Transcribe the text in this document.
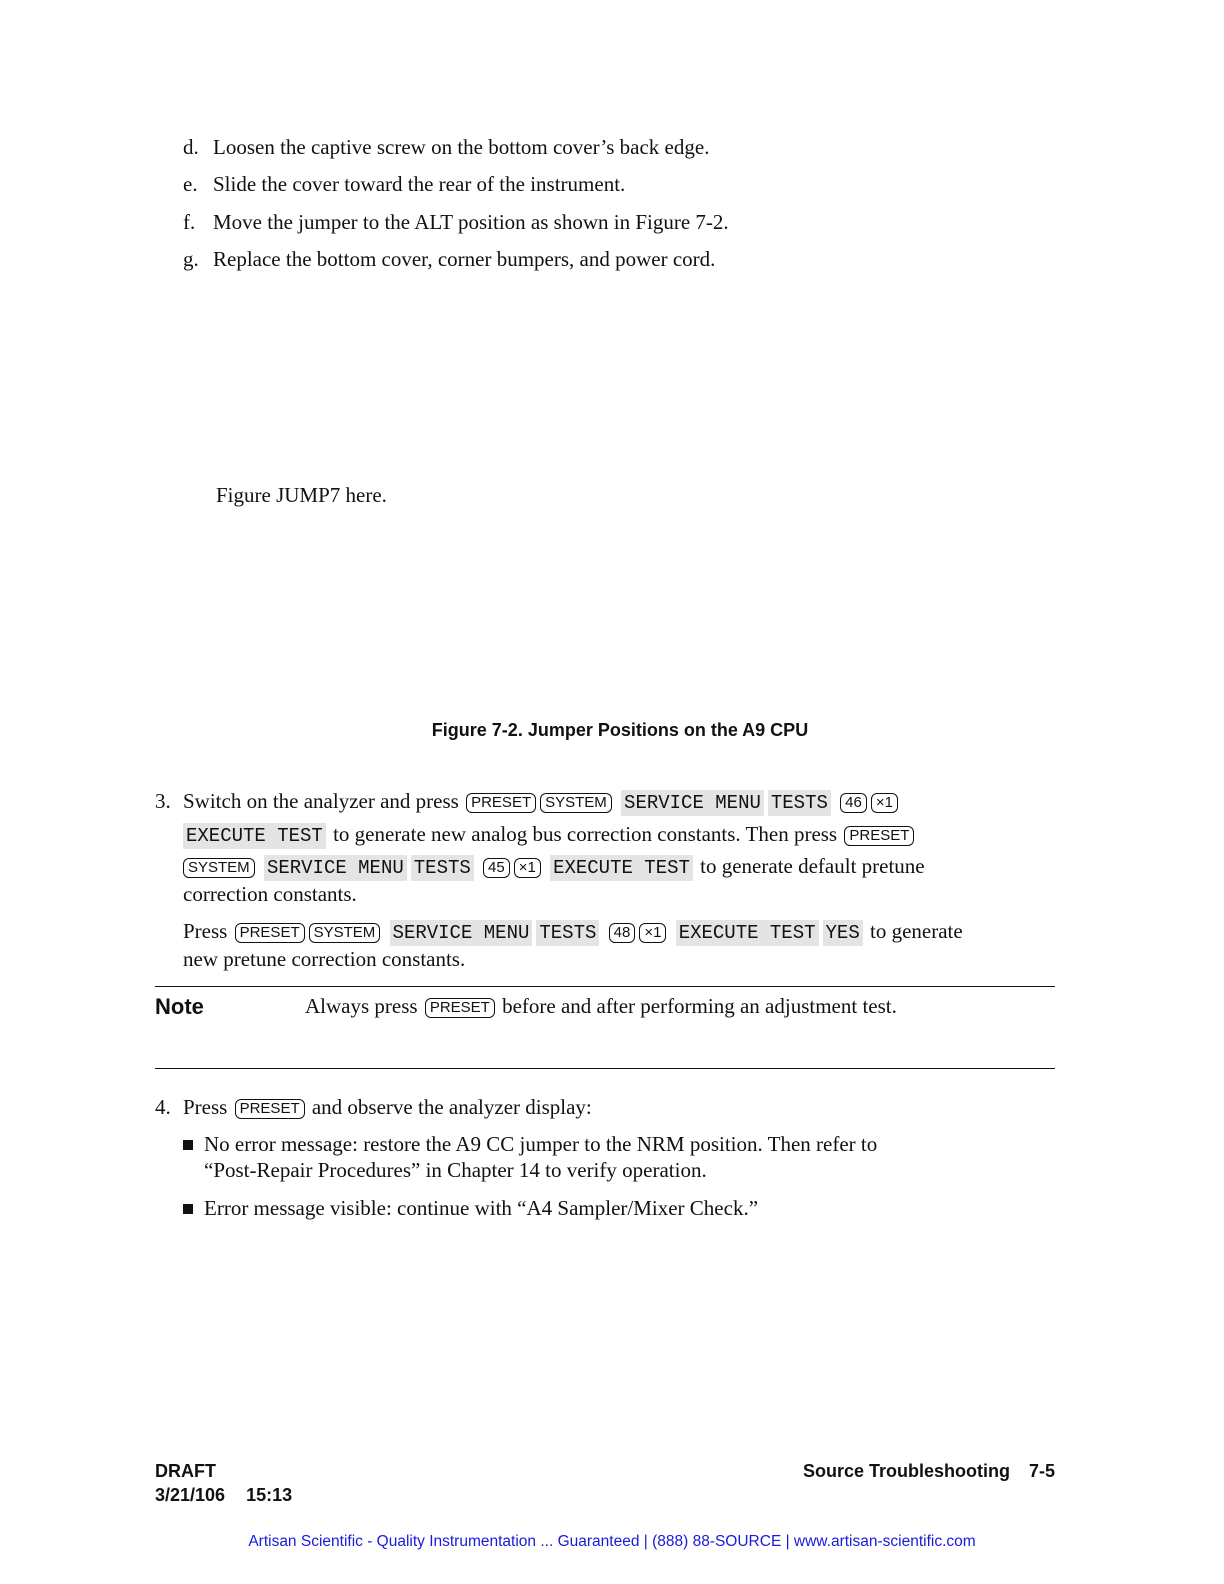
d. Loosen the captive screw on the bottom cover’s back edge.
e. Slide the cover toward the rear of the instrument.
f. Move the jumper to the ALT position as shown in Figure 7-2.
g. Replace the bottom cover, corner bumpers, and power cord.
Figure JUMP7 here.
Figure 7-2. Jumper Positions on the A9 CPU
3. Switch on the analyzer and press PRESET SYSTEM SERVICE MENU TESTS 46 ×1
EXECUTE TEST to generate new analog bus correction constants. Then press PRESET
SYSTEM SERVICE MENU TESTS 45 ×1 EXECUTE TEST to generate default pretune
correction constants.
Press PRESET SYSTEM SERVICE MENU TESTS 48 ×1 EXECUTE TEST YES to generate
new pretune correction constants.
Note	Always press PRESET before and after performing an adjustment test.
4. Press PRESET and observe the analyzer display:
No error message: restore the A9 CC jumper to the NRM position. Then refer to
“Post-Repair Procedures” in Chapter 14 to verify operation.
Error message visible: continue with “A4 Sampler/Mixer Check.”
DRAFT
3/21/106 15:13
Source Troubleshooting 7-5
Artisan Scientific - Quality Instrumentation ... Guaranteed | (888) 88-SOURCE | www.artisan-scientific.com
